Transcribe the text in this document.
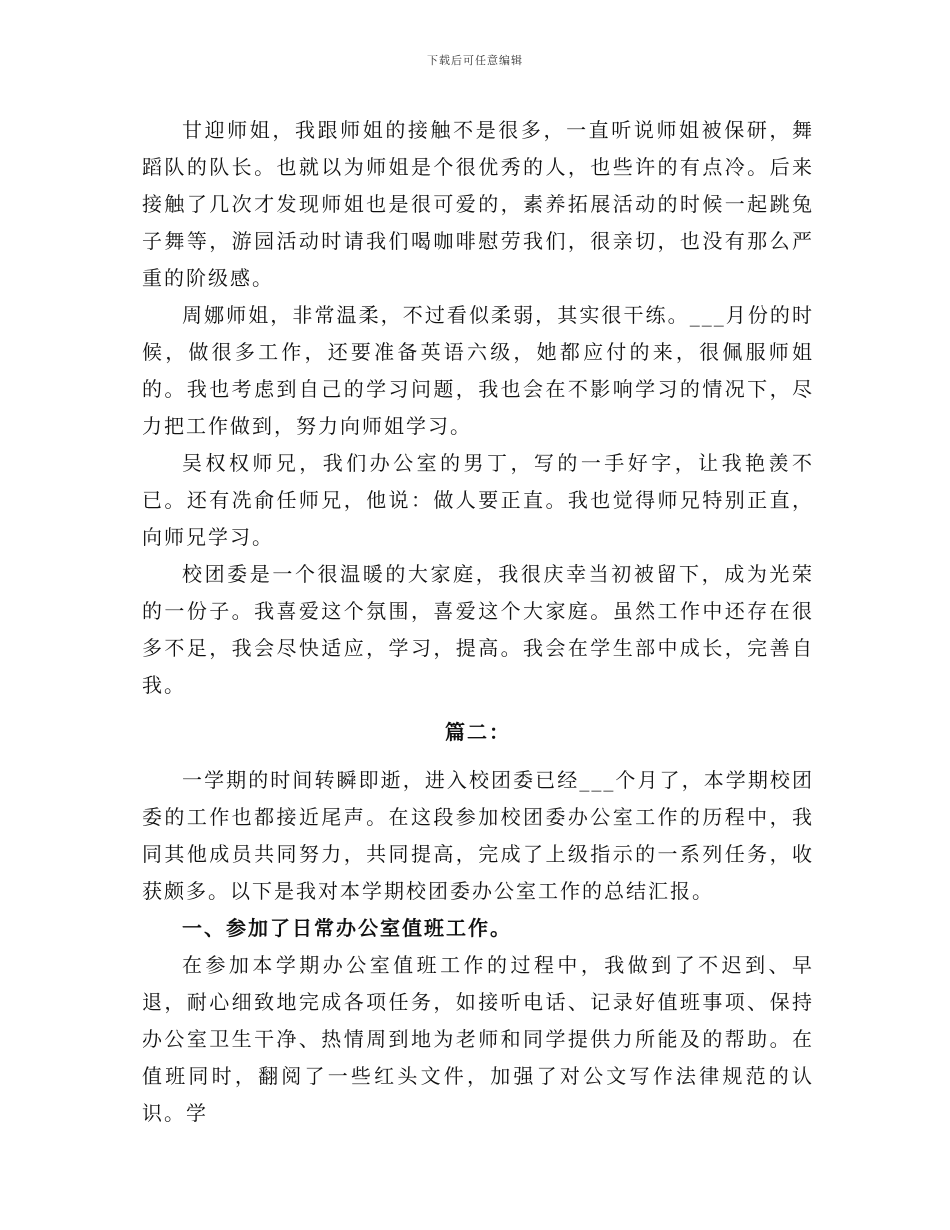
下载后可任意编辑

甘迎师姐，我跟师姐的接触不是很多，一直听说师姐被保研，舞蹈队的队长。也就以为师姐是个很优秀的人，也些许的有点冷。后来接触了几次才发现师姐也是很可爱的，素养拓展活动的时候一起跳兔子舞等，游园活动时请我们喝咖啡慰劳我们，很亲切，也没有那么严重的阶级感。

周娜师姐，非常温柔，不过看似柔弱，其实很干练。___月份的时候，做很多工作，还要准备英语六级，她都应付的来，很佩服师姐的。我也考虑到自己的学习问题，我也会在不影响学习的情况下，尽力把工作做到，努力向师姐学习。

吴权权师兄，我们办公室的男丁，写的一手好字，让我艳羡不已。还有冼俞任师兄，他说：做人要正直。我也觉得师兄特别正直，向师兄学习。

校团委是一个很温暖的大家庭，我很庆幸当初被留下，成为光荣的一份子。我喜爱这个氛围，喜爱这个大家庭。虽然工作中还存在很多不足，我会尽快适应，学习，提高。我会在学生部中成长，完善自我。

篇二：

一学期的时间转瞬即逝，进入校团委已经___个月了，本学期校团委的工作也都接近尾声。在这段参加校团委办公室工作的历程中，我同其他成员共同努力，共同提高，完成了上级指示的一系列任务，收获颇多。以下是我对本学期校团委办公室工作的总结汇报。

一、参加了日常办公室值班工作。

在参加本学期办公室值班工作的过程中，我做到了不迟到、早退，耐心细致地完成各项任务，如接听电话、记录好值班事项、保持办公室卫生干净、热情周到地为老师和同学提供力所能及的帮助。在值班同时，翻阅了一些红头文件，加强了对公文写作法律规范的认识。学
